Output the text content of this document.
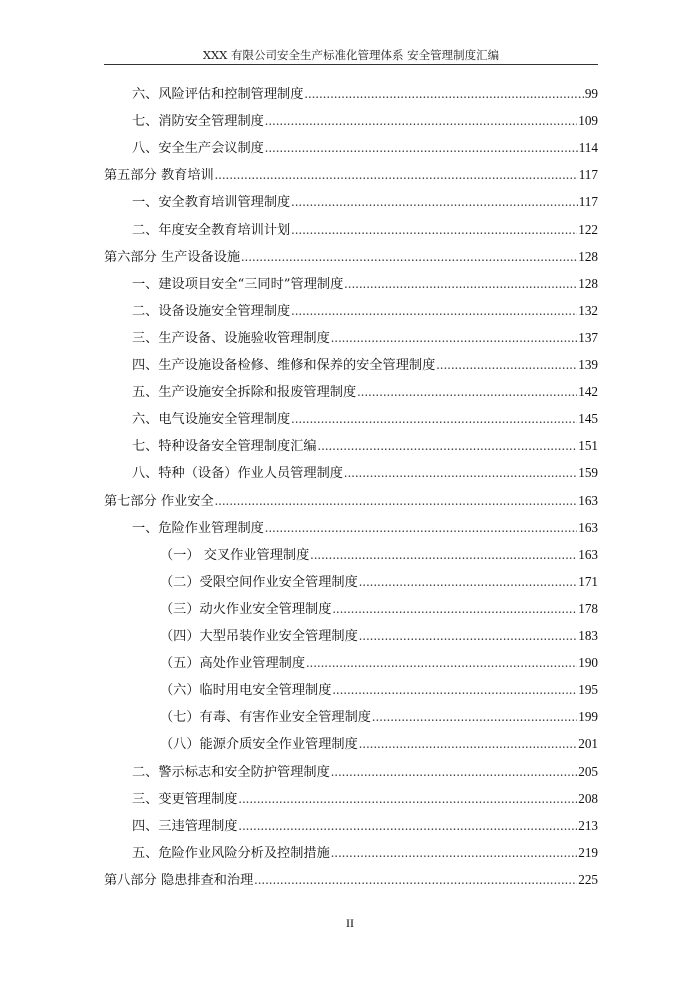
XXX 有限公司安全生产标准化管理体系 安全管理制度汇编
六、风险评估和控制管理制度 .....	99
七、消防安全管理制度 .....	109
八、安全生产会议制度 .....	114
第五部分 教育培训 .....	117
一、安全教育培训管理制度 .....	117
二、年度安全教育培训计划 .....	122
第六部分 生产设备设施 .....	128
一、建设项目安全“三同时”管理制度 .....	128
二、设备设施安全管理制度 .....	132
三、生产设备、设施验收管理制度 .....	137
四、生产设施设备检修、维修和保养的安全管理制度 .....	139
五、生产设施安全拆除和报废管理制度 .....	142
六、电气设施安全管理制度 .....	145
七、特种设备安全管理制度汇编 .....	151
八、特种（设备）作业人员管理制度 .....	159
第七部分 作业安全 .....	163
一、危险作业管理制度 .....	163
（一） 交叉作业管理制度 .....	163
（二）受限空间作业安全管理制度 .....	171
（三）动火作业安全管理制度 .....	178
（四）大型吊装作业安全管理制度 .....	183
（五）高处作业管理制度 .....	190
（六）临时用电安全管理制度 .....	195
（七）有毒、有害作业安全管理制度 .....	199
（八）能源介质安全作业管理制度 .....	201
二、警示标志和安全防护管理制度 .....	205
三、变更管理制度 .....	208
四、三违管理制度 .....	213
五、危险作业风险分析及控制措施 .....	219
第八部分 隐患排查和治理 .....	225
II
